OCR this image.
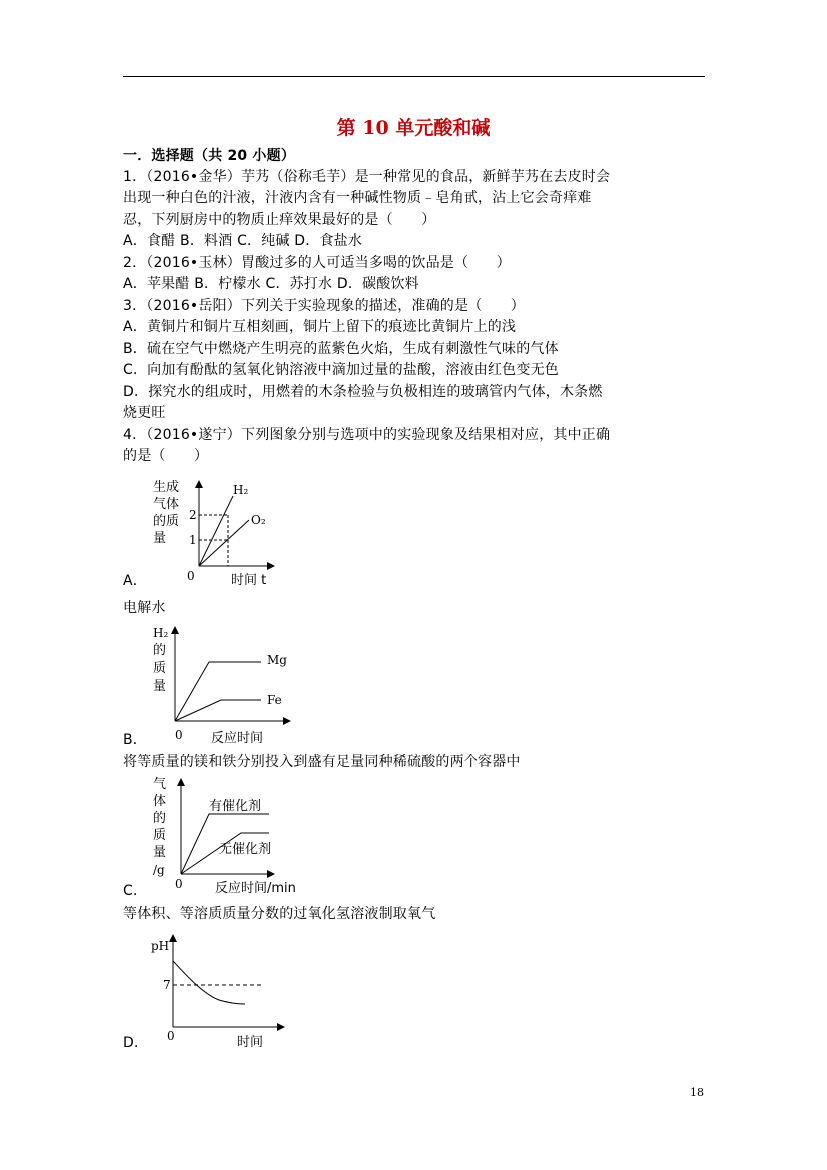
第 10 单元酸和碱
一．选择题（共 20 小题）
1．（2016•金华）芋艿（俗称毛芋）是一种常见的食品，新鲜芋艿在去皮时会
出现一种白色的汁液，汁液内含有一种碱性物质﹣皂角甙，沾上它会奇痒难
忍，下列厨房中的物质止痒效果最好的是（　　）
A．食醋 B．料酒 C．纯碱 D．食盐水
2．（2016•玉林）胃酸过多的人可适当多喝的饮品是（　　）
A．苹果醋 B．柠檬水 C．苏打水 D．碳酸饮料
3．（2016•岳阳）下列关于实验现象的描述，准确的是（　　）
A．黄铜片和铜片互相刻画，铜片上留下的痕迹比黄铜片上的浅
B．硫在空气中燃烧产生明亮的蓝紫色火焰，生成有刺激性气味的气体
C．向加有酚酞的氢氧化钠溶液中滴加过量的盐酸，溶液由红色变无色
D．探究水的组成时，用燃着的木条检验与负极相连的玻璃管内气体，木条燃
烧更旺
4．（2016•遂宁）下列图象分别与选项中的实验现象及结果相对应，其中正确
的是（　　）
生成
气体
的质
量
2
1
0	时间 t
H₂
O₂
A．
电解水
H₂
的
质
量
0 反应时间
Mg
Fe
B．
将等质量的镁和铁分别投入到盛有足量同种稀硫酸的两个容器中
气
体
的
质
量
/g
0 反应时间/min
有催化剂
无催化剂
C．
等体积、等溶质质量分数的过氧化氢溶液制取氧气
pH
7
0	时间
D．
18
